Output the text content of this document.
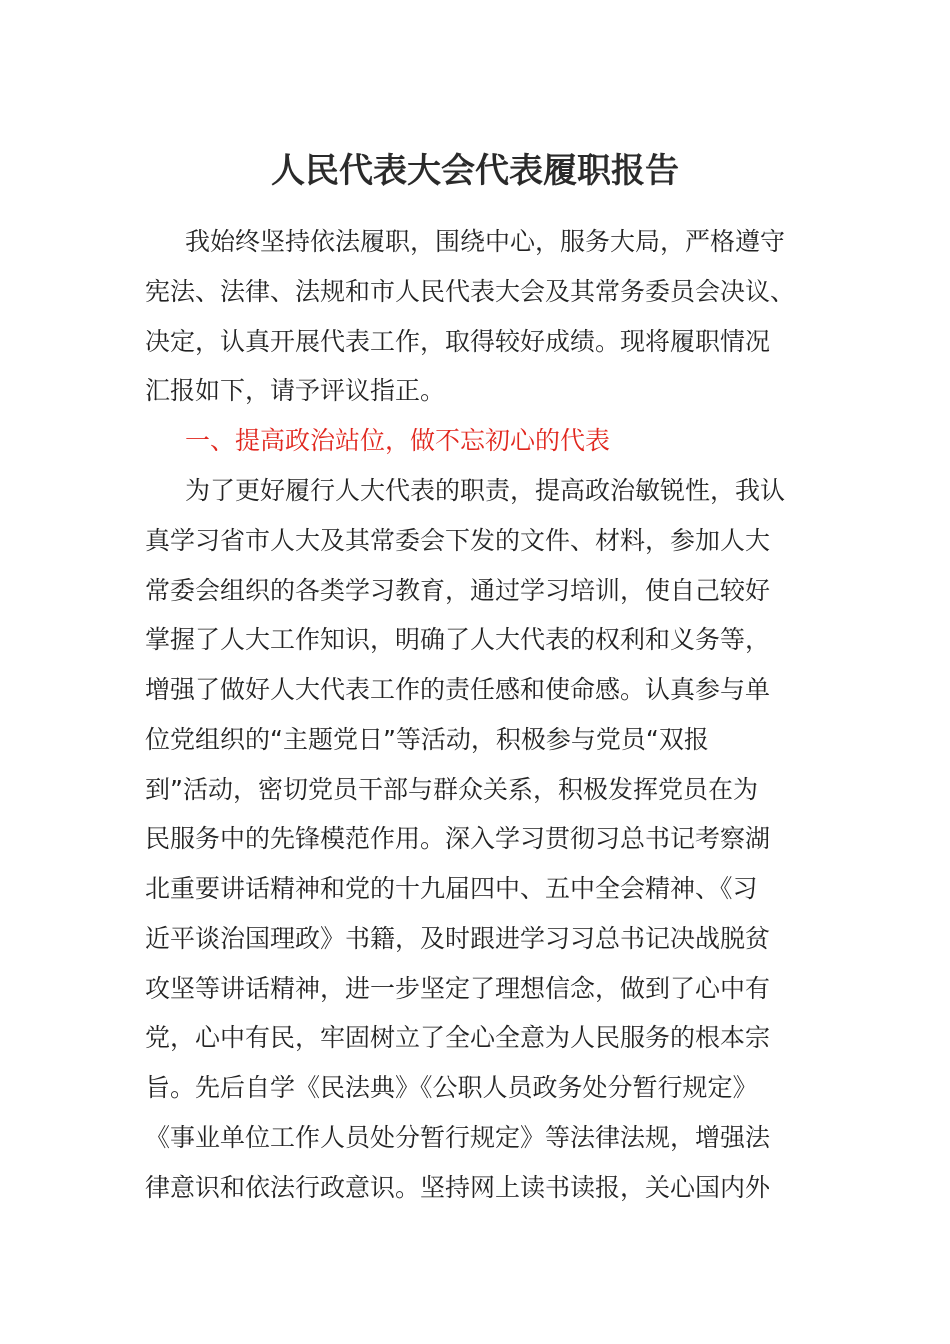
人民代表大会代表履职报告
我始终坚持依法履职，围绕中心，服务大局，严格遵守
宪法、法律、法规和市人民代表大会及其常务委员会决议、
决定，认真开展代表工作，取得较好成绩。现将履职情况
汇报如下，请予评议指正。
一、提高政治站位，做不忘初心的代表
为了更好履行人大代表的职责，提高政治敏锐性，我认
真学习省市人大及其常委会下发的文件、材料，参加人大
常委会组织的各类学习教育，通过学习培训，使自己较好
掌握了人大工作知识，明确了人大代表的权利和义务等，
增强了做好人大代表工作的责任感和使命感。认真参与单
位党组织的“主题党日”等活动，积极参与党员“双报
到”活动，密切党员干部与群众关系，积极发挥党员在为
民服务中的先锋模范作用。深入学习贯彻习总书记考察湖
北重要讲话精神和党的十九届四中、五中全会精神、《习
近平谈治国理政》书籍，及时跟进学习习总书记决战脱贫
攻坚等讲话精神，进一步坚定了理想信念，做到了心中有
党，心中有民，牢固树立了全心全意为人民服务的根本宗
旨。先后自学《民法典》《公职人员政务处分暂行规定》
《事业单位工作人员处分暂行规定》等法律法规，增强法
律意识和依法行政意识。坚持网上读书读报，关心国内外
